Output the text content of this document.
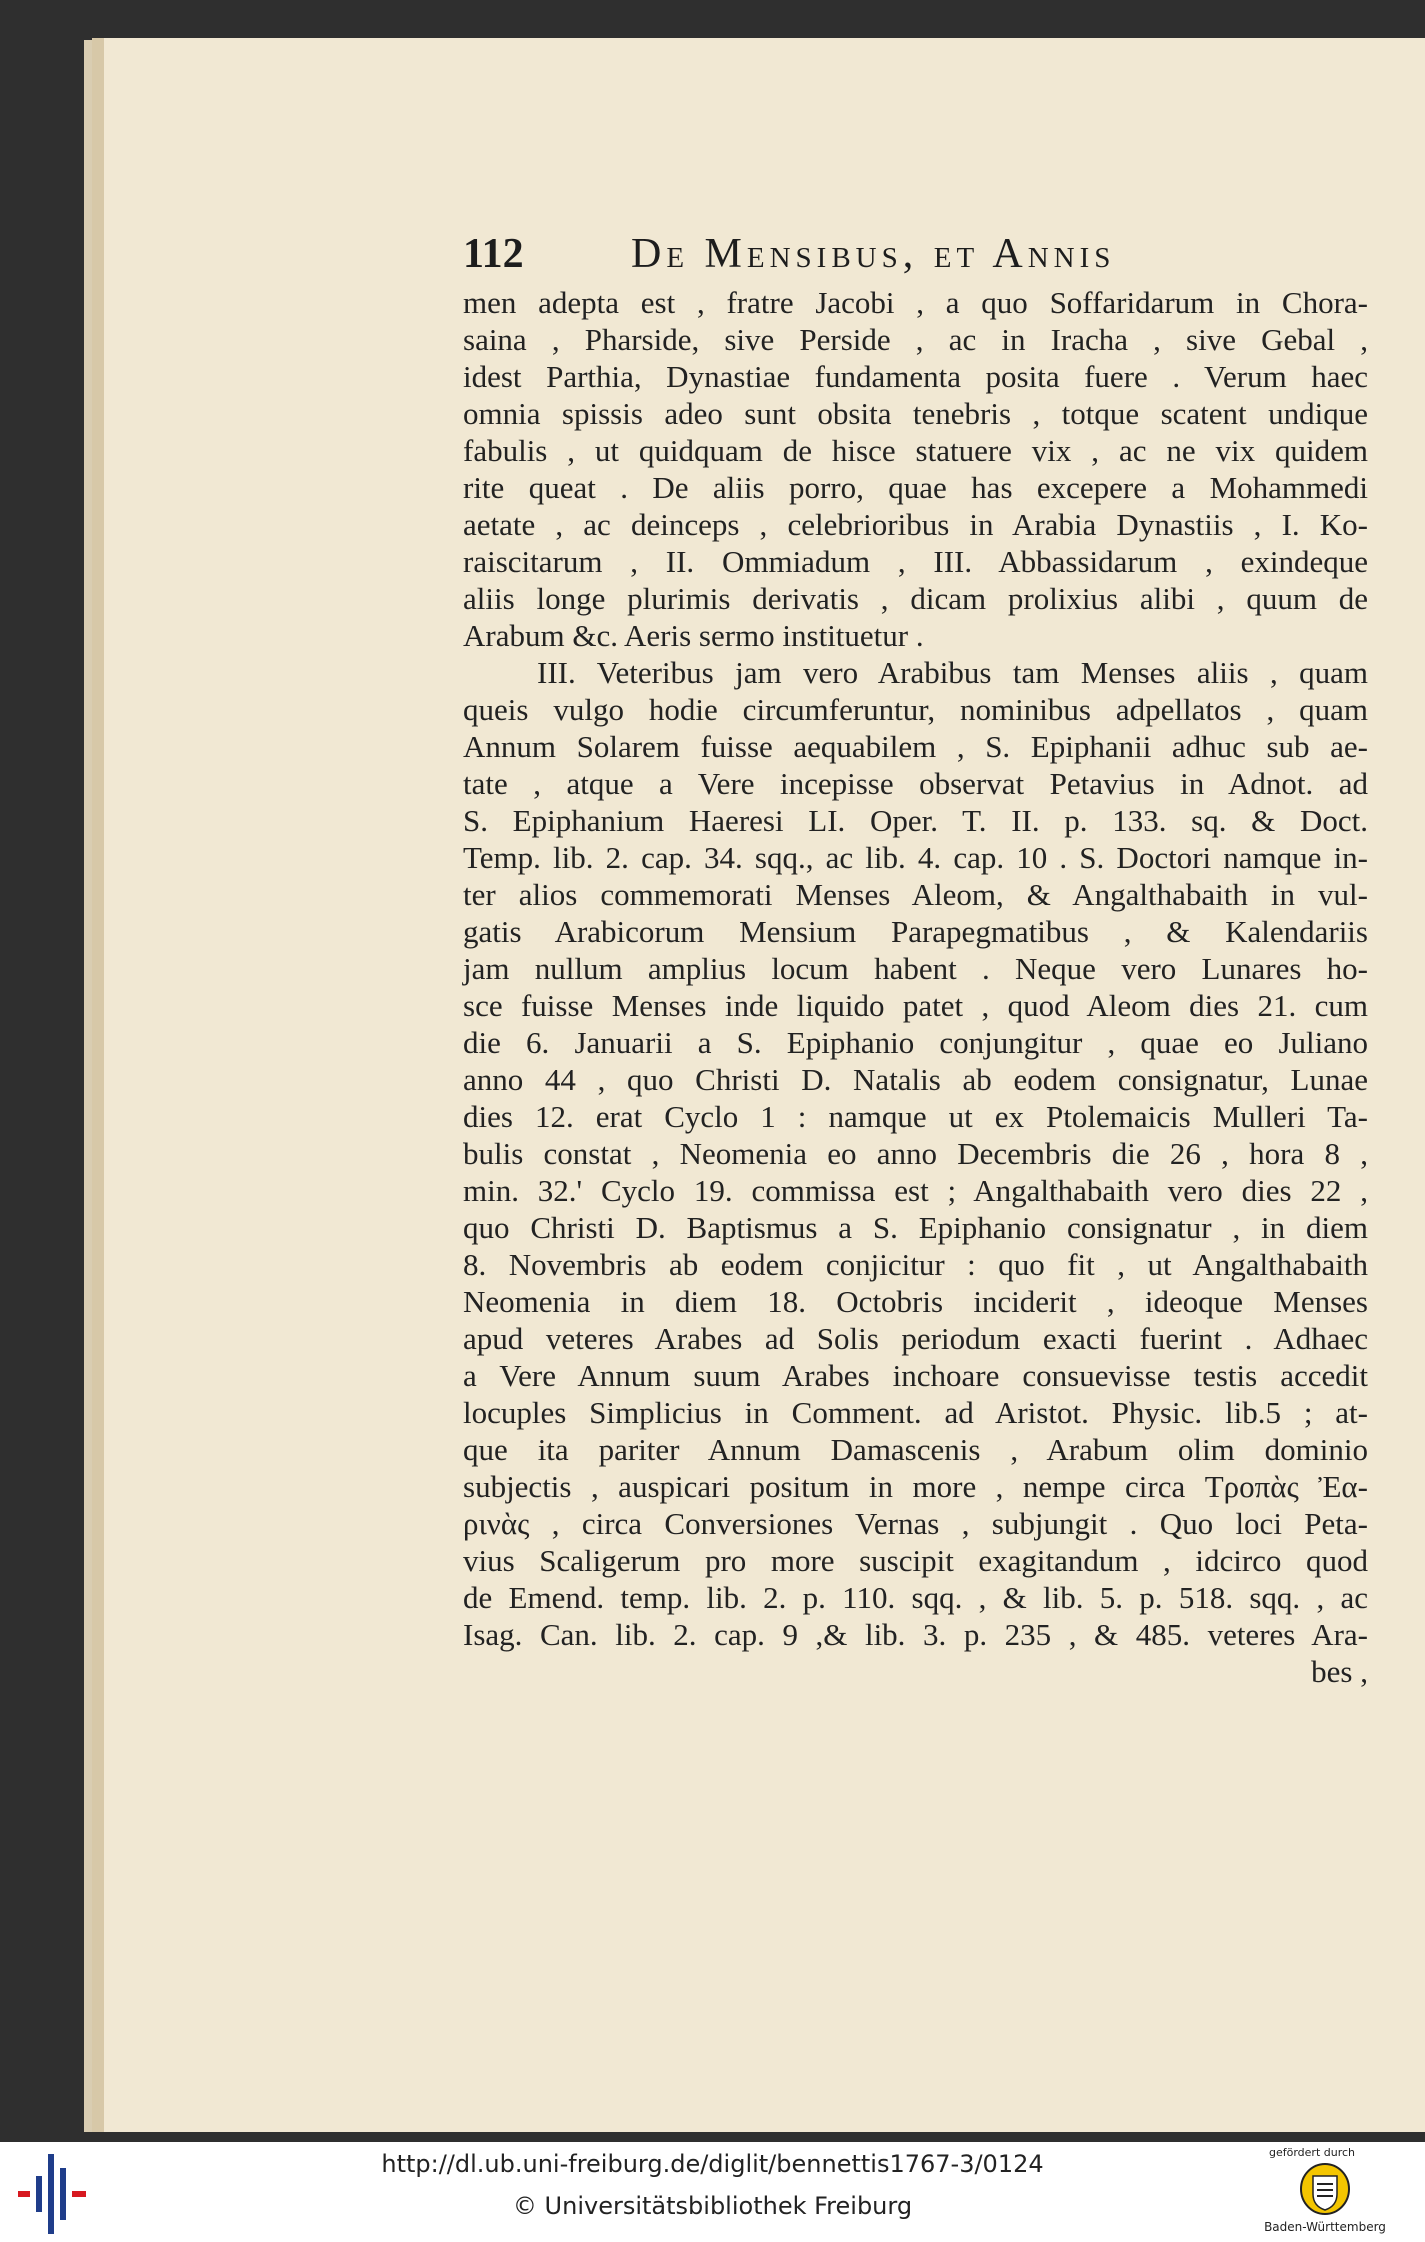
112	De Mensibus, et Annis
men adepta est , fratre Jacobi , a quo Soffaridarum in Chora-
saina , Pharside, sive Perside , ac in Iracha , sive Gebal ,
idest Parthia, Dynastiae fundamenta posita fuere . Verum haec
omnia spissis adeo sunt obsita tenebris , totque scatent undique
fabulis , ut quidquam de hisce statuere vix , ac ne vix quidem
rite queat . De aliis porro, quae has excepere a Mohammedi
aetate , ac deinceps , celebrioribus in Arabia Dynastiis , I. Ko-
raiscitarum , II. Ommiadum , III. Abbassidarum , exindeque
aliis longe plurimis derivatis , dicam prolixius alibi , quum de
Arabum &c. Aeris sermo instituetur .
III. Veteribus jam vero Arabibus tam Menses aliis , quam
queis vulgo hodie circumferuntur, nominibus adpellatos , quam
Annum Solarem fuisse aequabilem , S. Epiphanii adhuc sub ae-
tate , atque a Vere incepisse observat Petavius in Adnot. ad
S. Epiphanium Haeresi LI. Oper. T. II. p. 133. sq. & Doct.
Temp. lib. 2. cap. 34. sqq., ac lib. 4. cap. 10 . S. Doctori namque in-
ter alios commemorati Menses Aleom, & Angalthabaith in vul-
gatis Arabicorum Mensium Parapegmatibus , & Kalendariis
jam nullum amplius locum habent . Neque vero Lunares ho-
sce fuisse Menses inde liquido patet , quod Aleom dies 21. cum
die 6. Januarii a S. Epiphanio conjungitur , quae eo Juliano
anno 44 , quo Christi D. Natalis ab eodem consignatur, Lunae
dies 12. erat Cyclo 1 : namque ut ex Ptolemaicis Mulleri Ta-
bulis constat , Neomenia eo anno Decembris die 26 , hora 8 ,
min. 32.' Cyclo 19. commissa est ; Angalthabaith vero dies 22 ,
quo Christi D. Baptismus a S. Epiphanio consignatur , in diem
8. Novembris ab eodem conjicitur : quo fit , ut Angalthabaith
Neomenia in diem 18. Octobris inciderit , ideoque Menses
apud veteres Arabes ad Solis periodum exacti fuerint . Adhaec
a Vere Annum suum Arabes inchoare consuevisse testis accedit
locuples Simplicius in Comment. ad Aristot. Physic. lib.5 ; at-
que ita pariter Annum Damascenis , Arabum olim dominio
subjectis , auspicari positum in more , nempe circa Τροπὰς Ἐα-
ρινὰς , circa Conversiones Vernas , subjungit . Quo loci Peta-
vius Scaligerum pro more suscipit exagitandum , idcirco quod
de Emend. temp. lib. 2. p. 110. sqq. , & lib. 5. p. 518. sqq. , ac
Isag. Can. lib. 2. cap. 9 ,& lib. 3. p. 235 , & 485. veteres Ara-
bes ,
http://dl.ub.uni-freiburg.de/diglit/bennettis1767-3/0124
© Universitätsbibliothek Freiburg
gefördert durch
Baden-Württemberg
